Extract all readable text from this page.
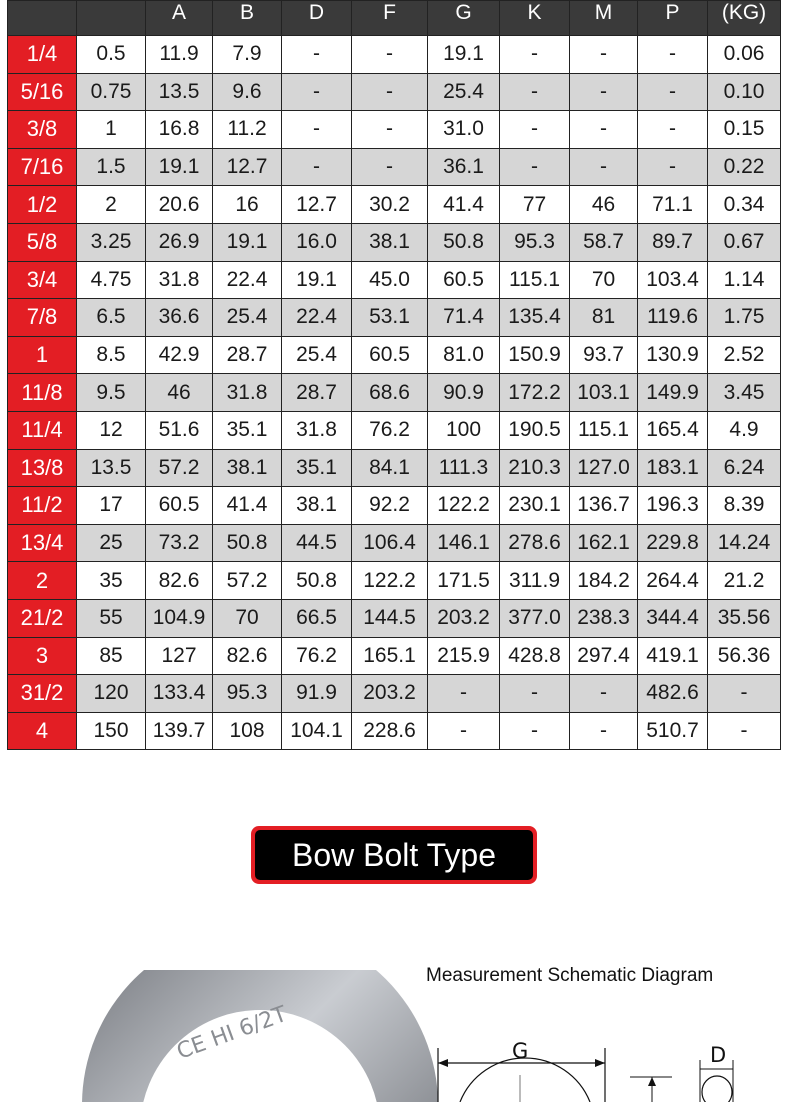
		A	B	D	F	G	K	M	P	(KG)
1/4	0.5	11.9	7.9	-	-	19.1	-	-	-	0.06
5/16	0.75	13.5	9.6	-	-	25.4	-	-	-	0.10
3/8	1	16.8	11.2	-	-	31.0	-	-	-	0.15
7/16	1.5	19.1	12.7	-	-	36.1	-	-	-	0.22
1/2	2	20.6	16	12.7	30.2	41.4	77	46	71.1	0.34
5/8	3.25	26.9	19.1	16.0	38.1	50.8	95.3	58.7	89.7	0.67
3/4	4.75	31.8	22.4	19.1	45.0	60.5	115.1	70	103.4	1.14
7/8	6.5	36.6	25.4	22.4	53.1	71.4	135.4	81	119.6	1.75
1	8.5	42.9	28.7	25.4	60.5	81.0	150.9	93.7	130.9	2.52
11/8	9.5	46	31.8	28.7	68.6	90.9	172.2	103.1	149.9	3.45
11/4	12	51.6	35.1	31.8	76.2	100	190.5	115.1	165.4	4.9
13/8	13.5	57.2	38.1	35.1	84.1	111.3	210.3	127.0	183.1	6.24
11/2	17	60.5	41.4	38.1	92.2	122.2	230.1	136.7	196.3	8.39
13/4	25	73.2	50.8	44.5	106.4	146.1	278.6	162.1	229.8	14.24
2	35	82.6	57.2	50.8	122.2	171.5	311.9	184.2	264.4	21.2
21/2	55	104.9	70	66.5	144.5	203.2	377.0	238.3	344.4	35.56
3	85	127	82.6	76.2	165.1	215.9	428.8	297.4	419.1	56.36
31/2	120	133.4	95.3	91.9	203.2	-	-	-	482.6	-
4	150	139.7	108	104.1	228.6	-	-	-	510.7	-
Bow Bolt Type
Measurement Schematic Diagram
CE HI 6/2T	G	D
